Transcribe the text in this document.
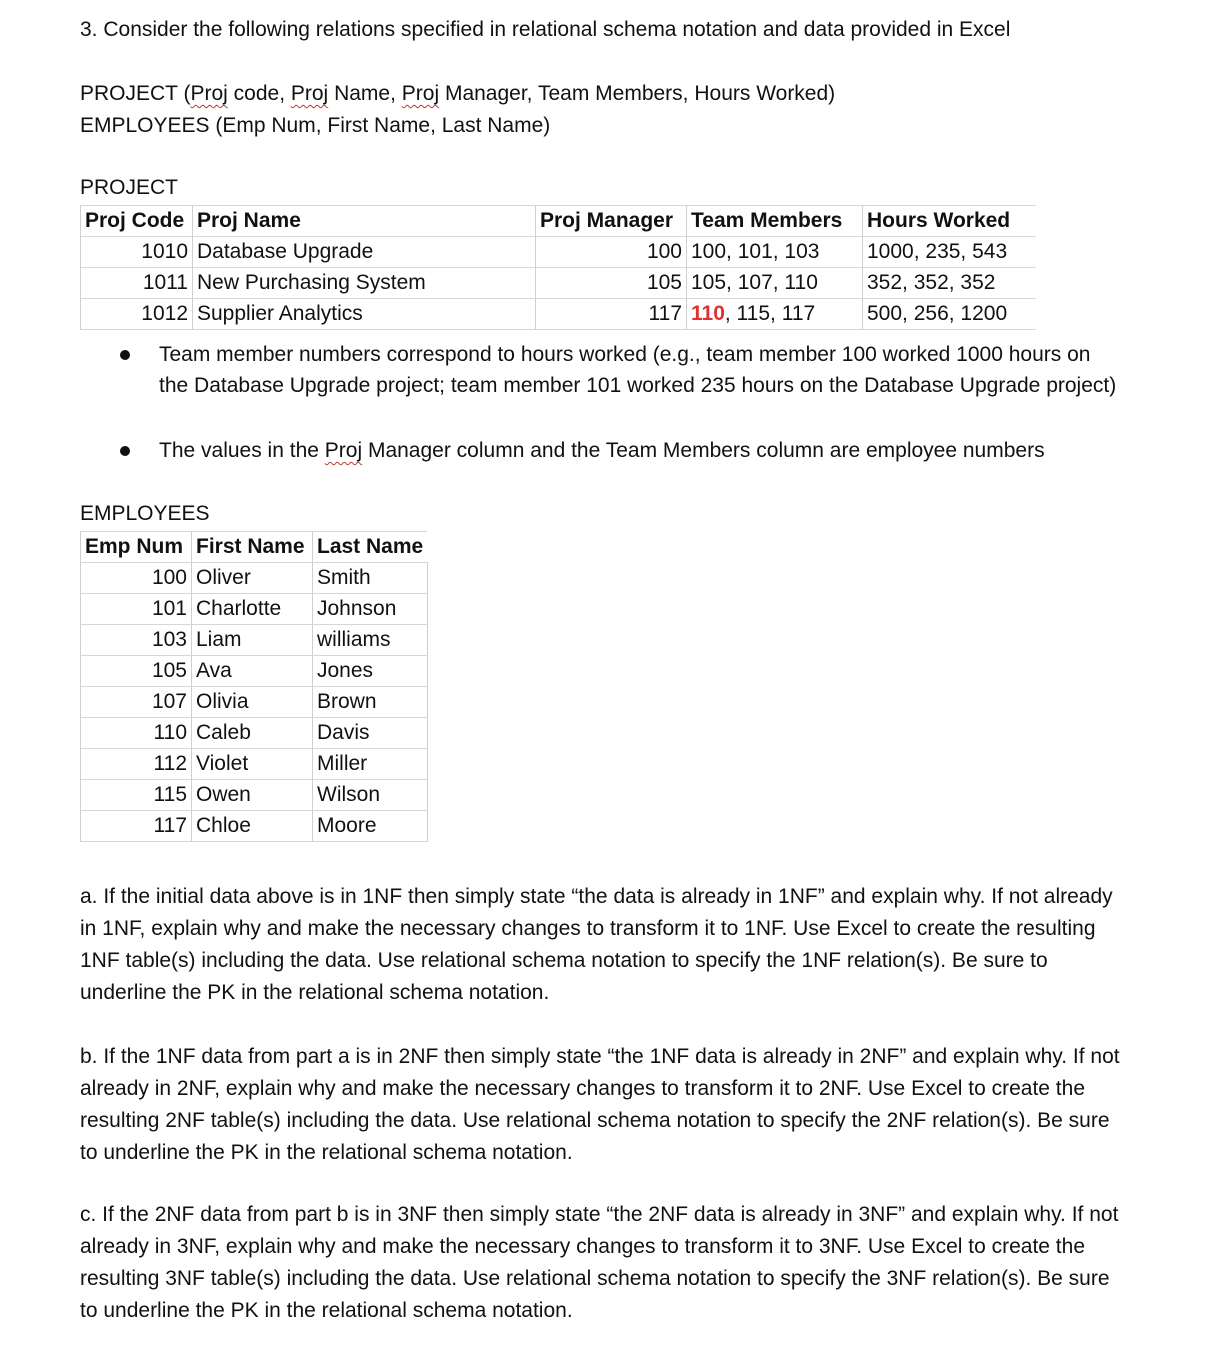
3. Consider the following relations specified in relational schema notation and data provided in Excel
PROJECT (Proj code, Proj Name, Proj Manager, Team Members, Hours Worked)
EMPLOYEES (Emp Num, First Name, Last Name)
PROJECT
Proj Code	Proj Name	Proj Manager	Team Members	Hours Worked
1010	Database Upgrade	100	100, 101, 103	1000, 235, 543
1011	New Purchasing System	105	105, 107, 110	352, 352, 352
1012	Supplier Analytics	117	110, 115, 117	500, 256, 1200
Team member numbers correspond to hours worked (e.g., team member 100 worked 1000 hours on the Database Upgrade project; team member 101 worked 235 hours on the Database Upgrade project)
The values in the Proj Manager column and the Team Members column are employee numbers
EMPLOYEES
Emp Num	First Name	Last Name
100	Oliver	Smith
101	Charlotte	Johnson
103	Liam	williams
105	Ava	Jones
107	Olivia	Brown
110	Caleb	Davis
112	Violet	Miller
115	Owen	Wilson
117	Chloe	Moore
a. If the initial data above is in 1NF then simply state “the data is already in 1NF” and explain why. If not already in 1NF, explain why and make the necessary changes to transform it to 1NF. Use Excel to create the resulting 1NF table(s) including the data. Use relational schema notation to specify the 1NF relation(s). Be sure to underline the PK in the relational schema notation.
b. If the 1NF data from part a is in 2NF then simply state “the 1NF data is already in 2NF” and explain why. If not already in 2NF, explain why and make the necessary changes to transform it to 2NF. Use Excel to create the resulting 2NF table(s) including the data. Use relational schema notation to specify the 2NF relation(s). Be sure to underline the PK in the relational schema notation.
c. If the 2NF data from part b is in 3NF then simply state “the 2NF data is already in 3NF” and explain why. If not already in 3NF, explain why and make the necessary changes to transform it to 3NF. Use Excel to create the resulting 3NF table(s) including the data. Use relational schema notation to specify the 3NF relation(s). Be sure to underline the PK in the relational schema notation.
